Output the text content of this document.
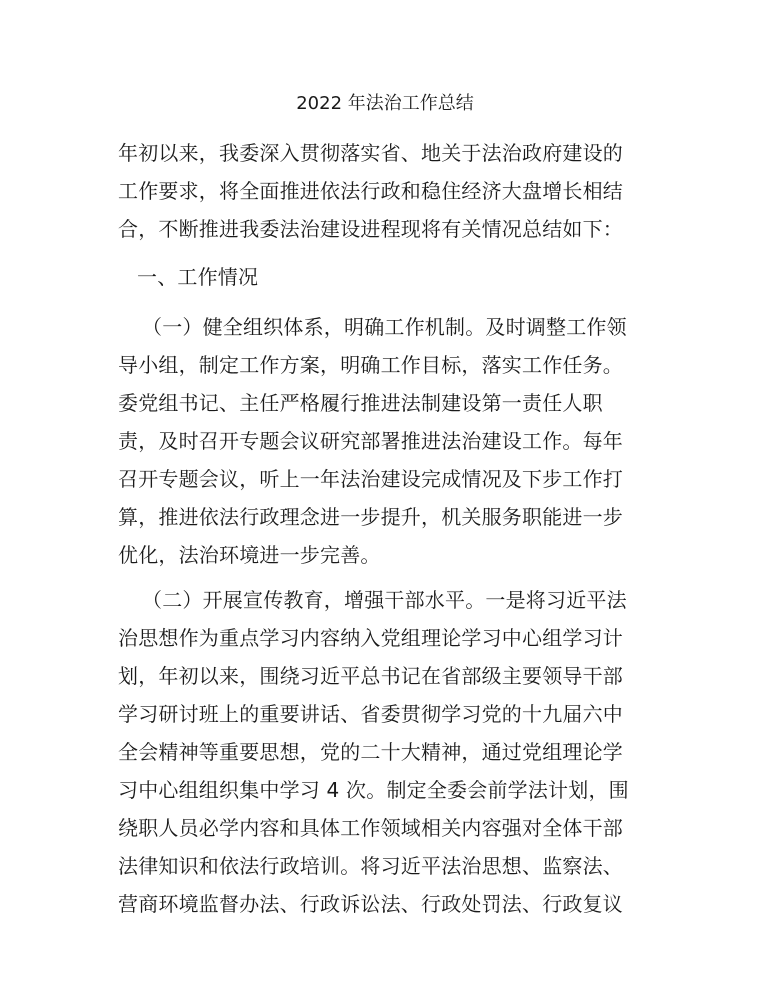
2022 年法治工作总结
年初以来，我委深入贯彻落实省、地关于法治政府建设的
工作要求，将全面推进依法行政和稳住经济大盘增长相结
合，不断推进我委法治建设进程现将有关情况总结如下：
一、工作情况
（一）健全组织体系，明确工作机制。及时调整工作领
导小组，制定工作方案，明确工作目标，落实工作任务。
委党组书记、主任严格履行推进法制建设第一责任人职
责，及时召开专题会议研究部署推进法治建设工作。每年
召开专题会议，听上一年法治建设完成情况及下步工作打
算，推进依法行政理念进一步提升，机关服务职能进一步
优化，法治环境进一步完善。
（二）开展宣传教育，增强干部水平。一是将习近平法
治思想作为重点学习内容纳入党组理论学习中心组学习计
划，年初以来，围绕习近平总书记在省部级主要领导干部
学习研讨班上的重要讲话、省委贯彻学习党的十九届六中
全会精神等重要思想，党的二十大精神，通过党组理论学
习中心组组织集中学习 4 次。制定全委会前学法计划，围
绕职人员必学内容和具体工作领域相关内容强对全体干部
法律知识和依法行政培训。将习近平法治思想、监察法、
营商环境监督办法、行政诉讼法、行政处罚法、行政复议
